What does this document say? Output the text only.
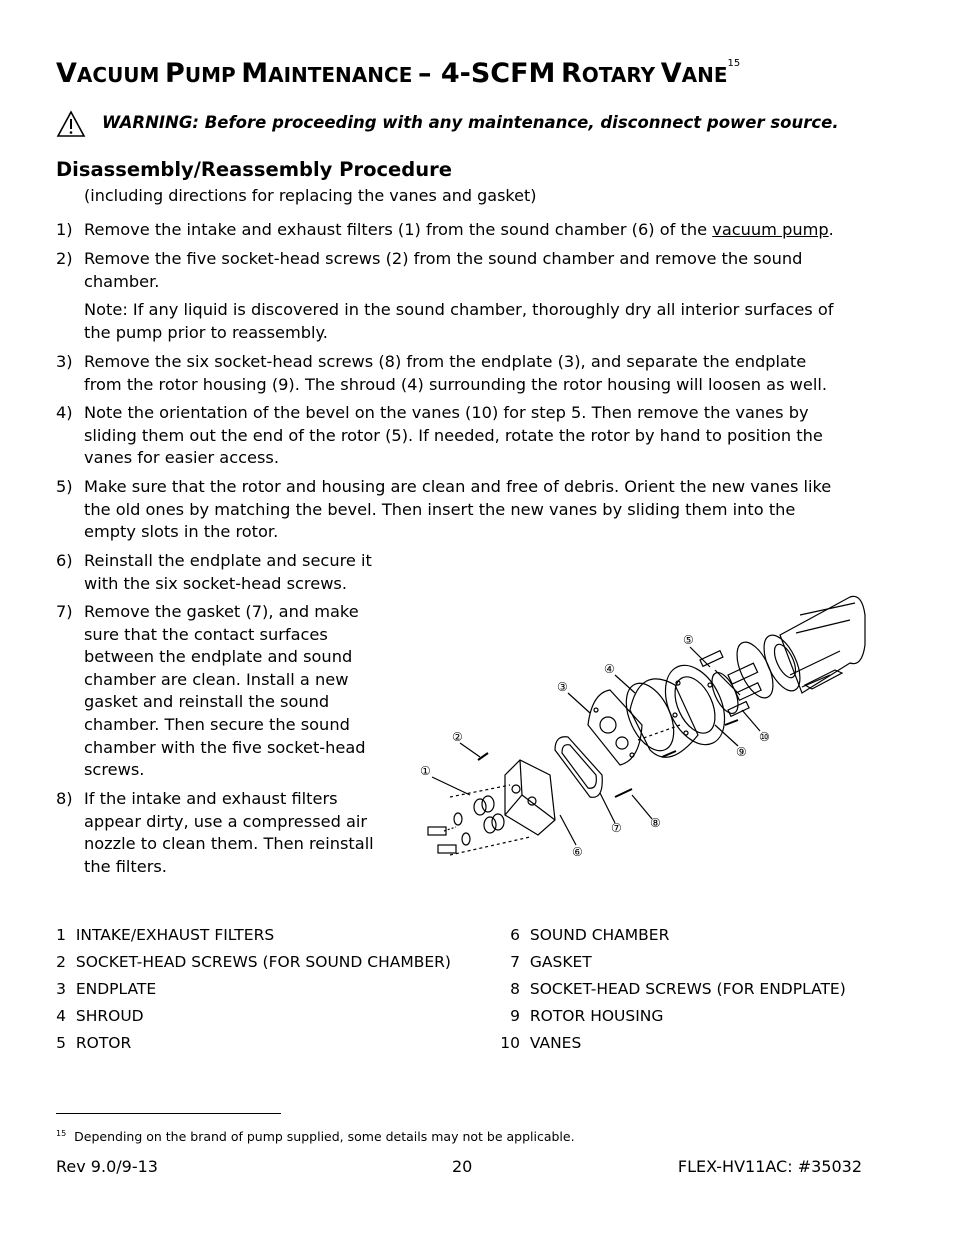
VACUUM PUMP MAINTENANCE – 4-SCFM ROTARY VANE$^{15}$
WARNING: Before proceeding with any maintenance, disconnect power source.
Disassembly/Reassembly Procedure
(including directions for replacing the vanes and gasket)
1) Remove the intake and exhaust filters (1) from the sound chamber (6) of the vacuum pump.
2) Remove the five socket-head screws (2) from the sound chamber and remove the sound
chamber.
Note: If any liquid is discovered in the sound chamber, thoroughly dry all interior surfaces of
the pump prior to reassembly.
3) Remove the six socket-head screws (8) from the endplate (3), and separate the endplate
from the rotor housing (9). The shroud (4) surrounding the rotor housing will loosen as well.
4) Note the orientation of the bevel on the vanes (10) for step 5. Then remove the vanes by
sliding them out the end of the rotor (5). If needed, rotate the rotor by hand to position the
vanes for easier access.
5) Make sure that the rotor and housing are clean and free of debris. Orient the new vanes like
the old ones by matching the bevel. Then insert the new vanes by sliding them into the
empty slots in the rotor.
6) Reinstall the endplate and secure it
with the six socket-head screws.
7) Remove the gasket (7), and make
sure that the contact surfaces
between the endplate and sound
chamber are clean. Install a new
gasket and reinstall the sound
chamber. Then secure the sound
chamber with the five socket-head
screws.
8) If the intake and exhaust filters
appear dirty, use a compressed air
nozzle to clean them. Then reinstall
the filters.
①
②
③
④
⑤
⑥
⑦ ⑧
⑨
⑩
1 INTAKE/EXHAUST FILTERS
2 SOCKET-HEAD SCREWS (FOR SOUND CHAMBER)
3 ENDPLATE
4 SHROUD
5 ROTOR
6 SOUND CHAMBER
7 GASKET
8 SOCKET-HEAD SCREWS (FOR ENDPLATE)
9 ROTOR HOUSING
10 VANES
$^{15}$ Depending on the brand of pump supplied, some details may not be applicable.
Rev 9.0/9-13	20	FLEX-HV11AC: #35032
